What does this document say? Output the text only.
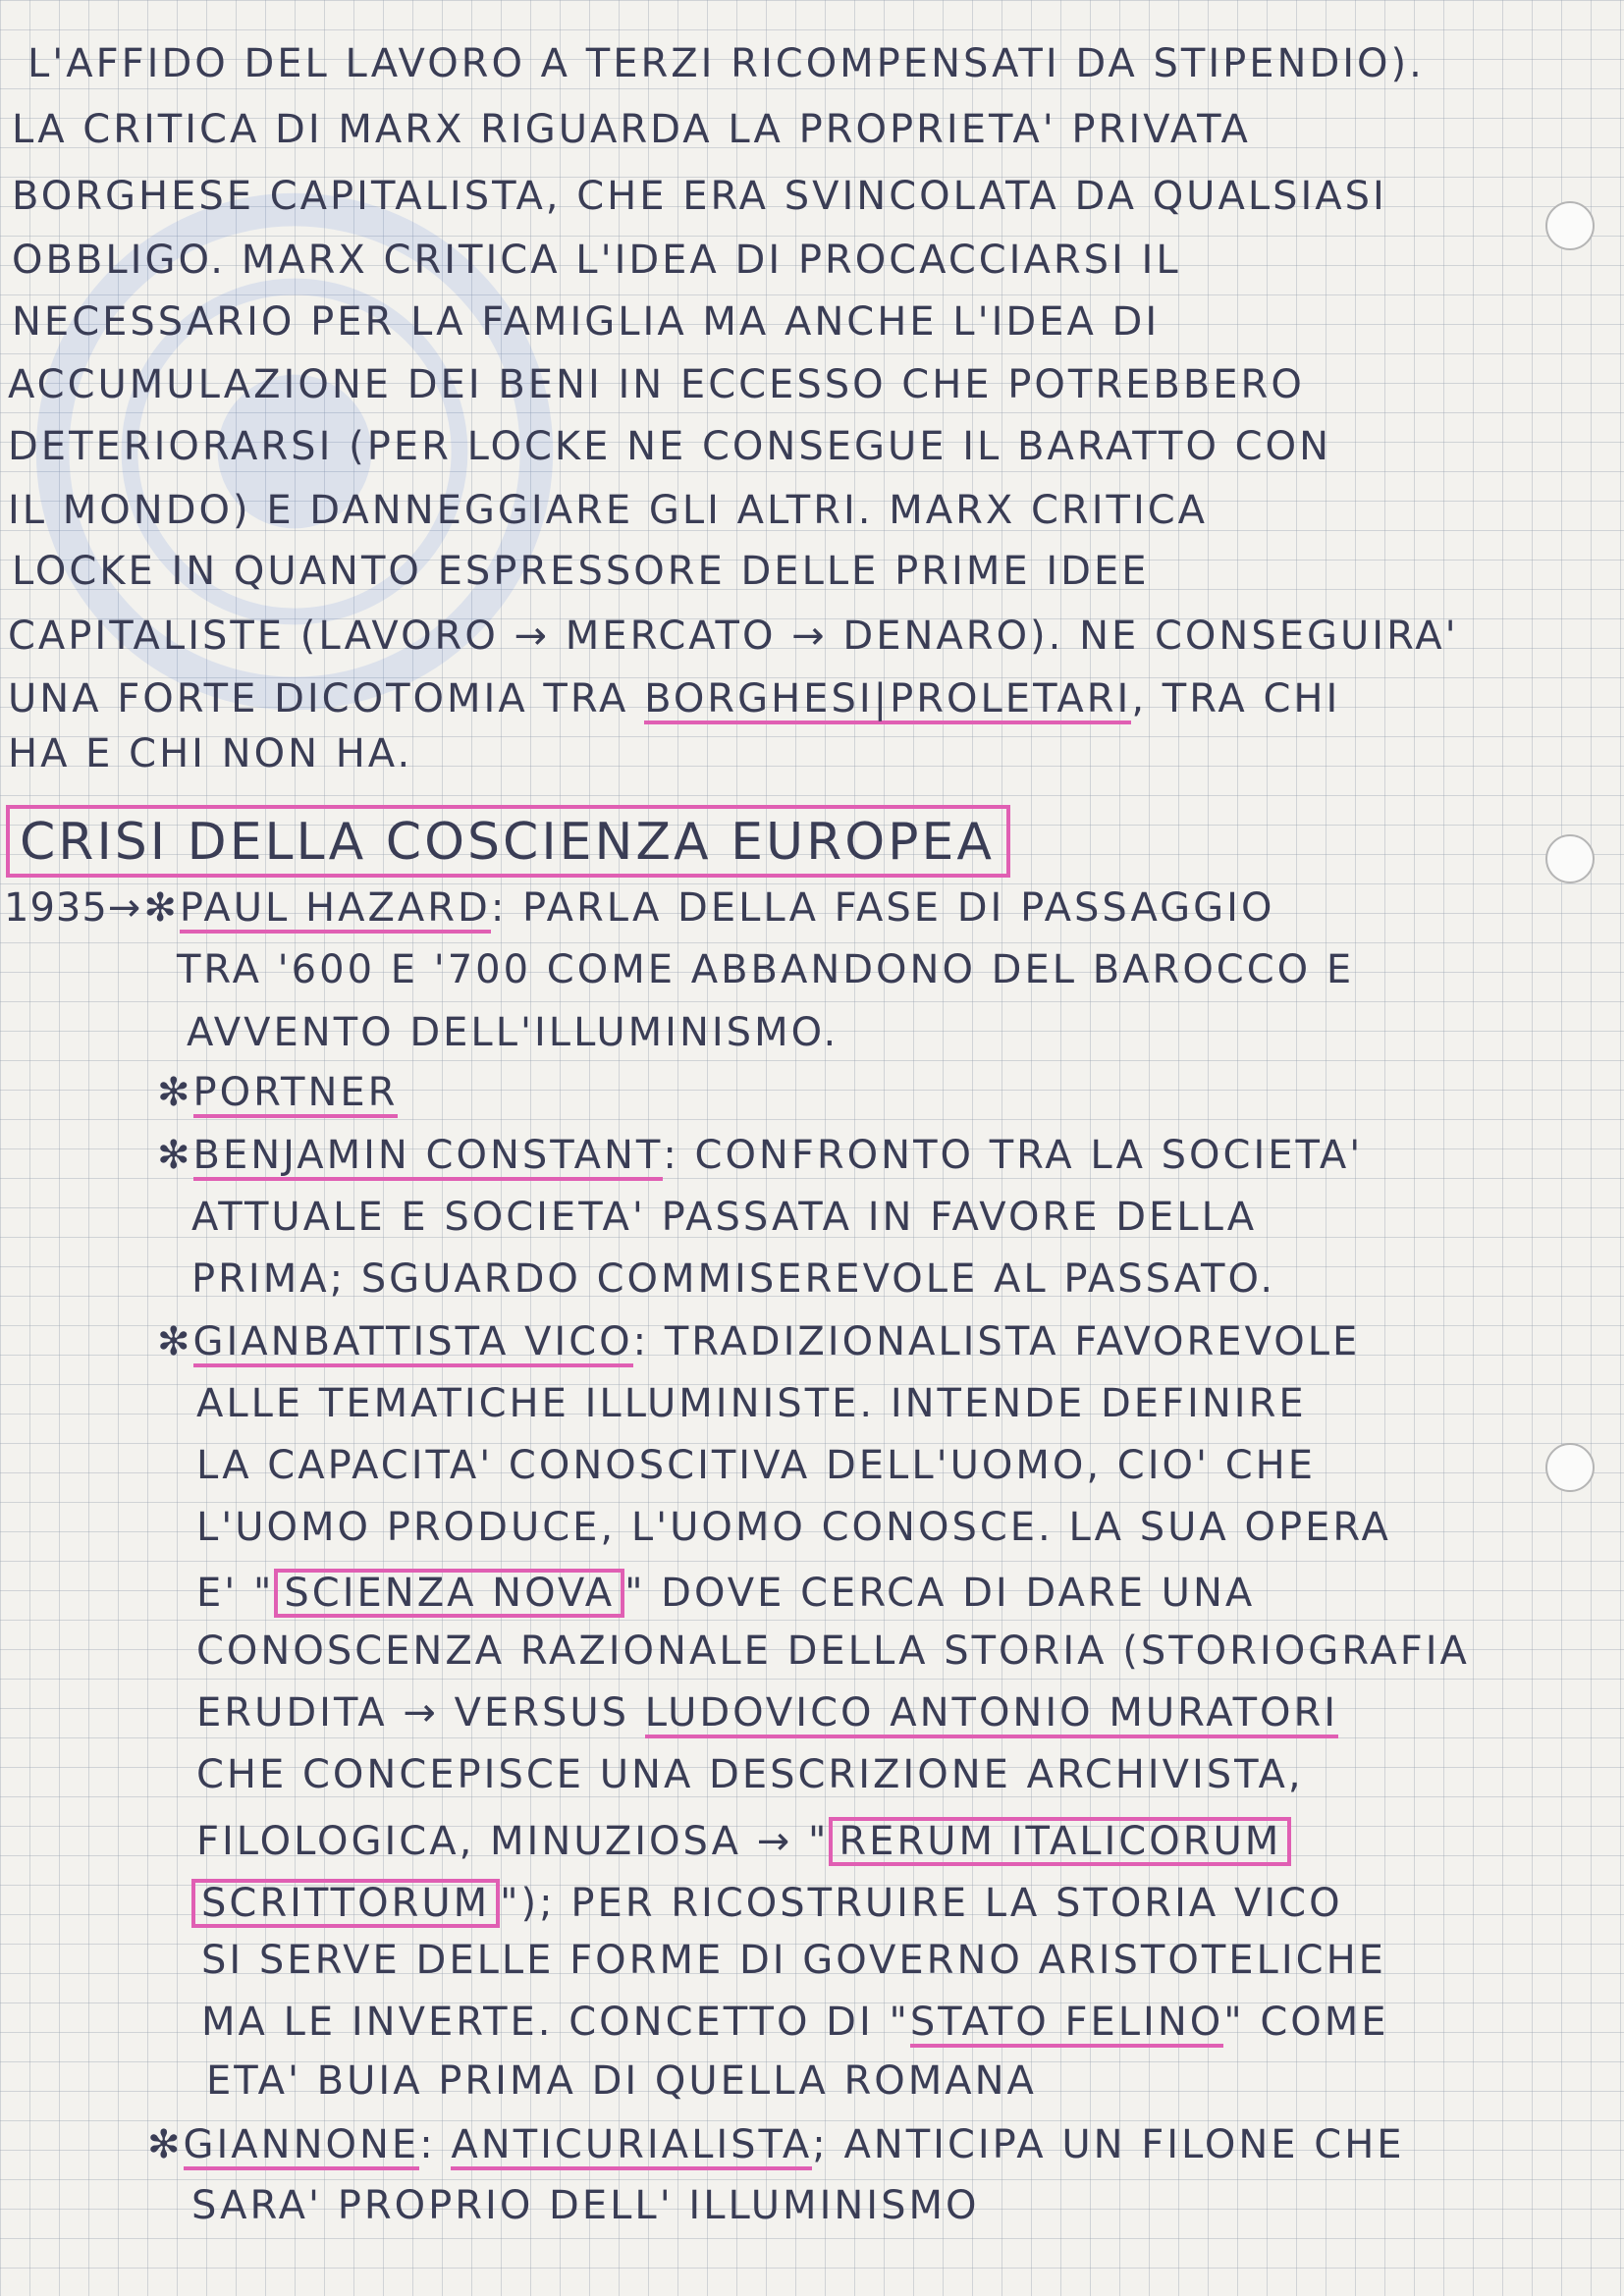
L'AFFIDO DEL LAVORO A TERZI RICOMPENSATI DA STIPENDIO).
LA CRITICA DI MARX RIGUARDA LA PROPRIETA' PRIVATA
BORGHESE CAPITALISTA, CHE ERA SVINCOLATA DA QUALSIASI
OBBLIGO. MARX CRITICA L'IDEA DI PROCACCIARSI IL
NECESSARIO PER LA FAMIGLIA MA ANCHE L'IDEA DI
ACCUMULAZIONE DEI BENI IN ECCESSO CHE POTREBBERO
DETERIORARSI (PER LOCKE NE CONSEGUE IL BARATTO CON
IL MONDO) E DANNEGGIARE GLI ALTRI. MARX CRITICA
LOCKE IN QUANTO ESPRESSORE DELLE PRIME IDEE
CAPITALISTE (LAVORO → MERCATO → DENARO). NE CONSEGUIRA'
UNA FORTE DICOTOMIA TRA BORGHESI|PROLETARI, TRA CHI
HA E CHI NON HA.
CRISI DELLA COSCIENZA EUROPEA
1935→✻PAUL HAZARD: PARLA DELLA FASE DI PASSAGGIO
TRA '600 E '700 COME ABBANDONO DEL BAROCCO E
AVVENTO DELL'ILLUMINISMO.
✻PORTNER
✻BENJAMIN CONSTANT: CONFRONTO TRA LA SOCIETA'
ATTUALE E SOCIETA' PASSATA IN FAVORE DELLA
PRIMA; SGUARDO COMMISEREVOLE AL PASSATO.
✻GIANBATTISTA VICO: TRADIZIONALISTA FAVOREVOLE
ALLE TEMATICHE ILLUMINISTE. INTENDE DEFINIRE
LA CAPACITA' CONOSCITIVA DELL'UOMO, CIO' CHE
L'UOMO PRODUCE, L'UOMO CONOSCE. LA SUA OPERA
E' " SCIENZA NOVA " DOVE CERCA DI DARE UNA
CONOSCENZA RAZIONALE DELLA STORIA (STORIOGRAFIA
ERUDITA → VERSUS LUDOVICO ANTONIO MURATORI
CHE CONCEPISCE UNA DESCRIZIONE ARCHIVISTA,
FILOLOGICA, MINUZIOSA → " RERUM ITALICORUM
SCRITTORUM "); PER RICOSTRUIRE LA STORIA VICO
SI SERVE DELLE FORME DI GOVERNO ARISTOTELICHE
MA LE INVERTE. CONCETTO DI "STATO FELINO" COME
ETA' BUIA PRIMA DI QUELLA ROMANA
✻GIANNONE: ANTICURIALISTA; ANTICIPA UN FILONE CHE
SARA' PROPRIO DELL' ILLUMINISMO
